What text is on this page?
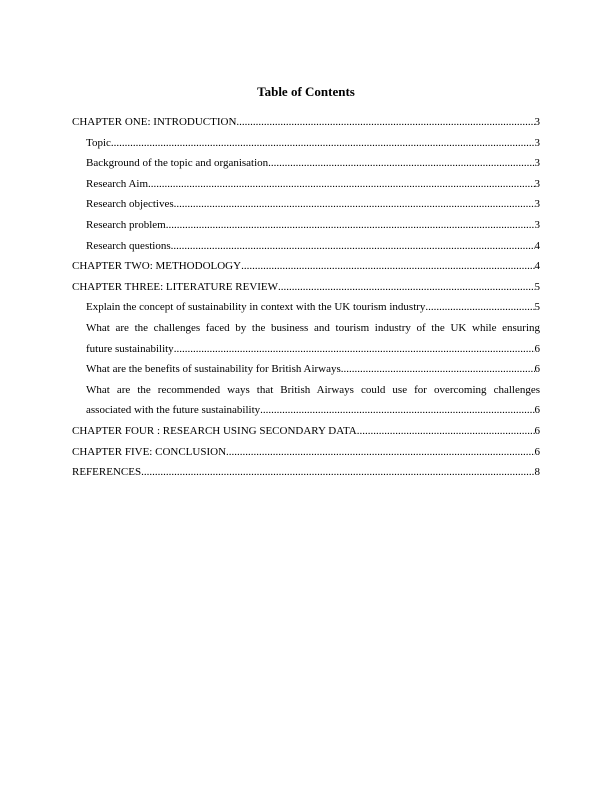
Table of Contents
CHAPTER ONE: INTRODUCTION .....	3
Topic .....	3
Background of the topic and organisation .....	3
Research Aim .....	3
Research objectives .....	3
Research problem .....	3
Research questions .....	4
CHAPTER TWO: METHODOLOGY .....	4
CHAPTER THREE: LITERATURE REVIEW .....	5
Explain the concept of sustainability in context with the UK tourism industry .....	5
What are the challenges faced by the business and tourism industry of the UK while ensuring
future sustainability .....	6
What are the benefits of sustainability for British Airways .....	6
What are the recommended ways that British Airways could use for overcoming challenges
associated with the future sustainability .....	6
CHAPTER FOUR : RESEARCH USING SECONDARY DATA .....	6
CHAPTER FIVE: CONCLUSION .....	6
REFERENCES .....	8
